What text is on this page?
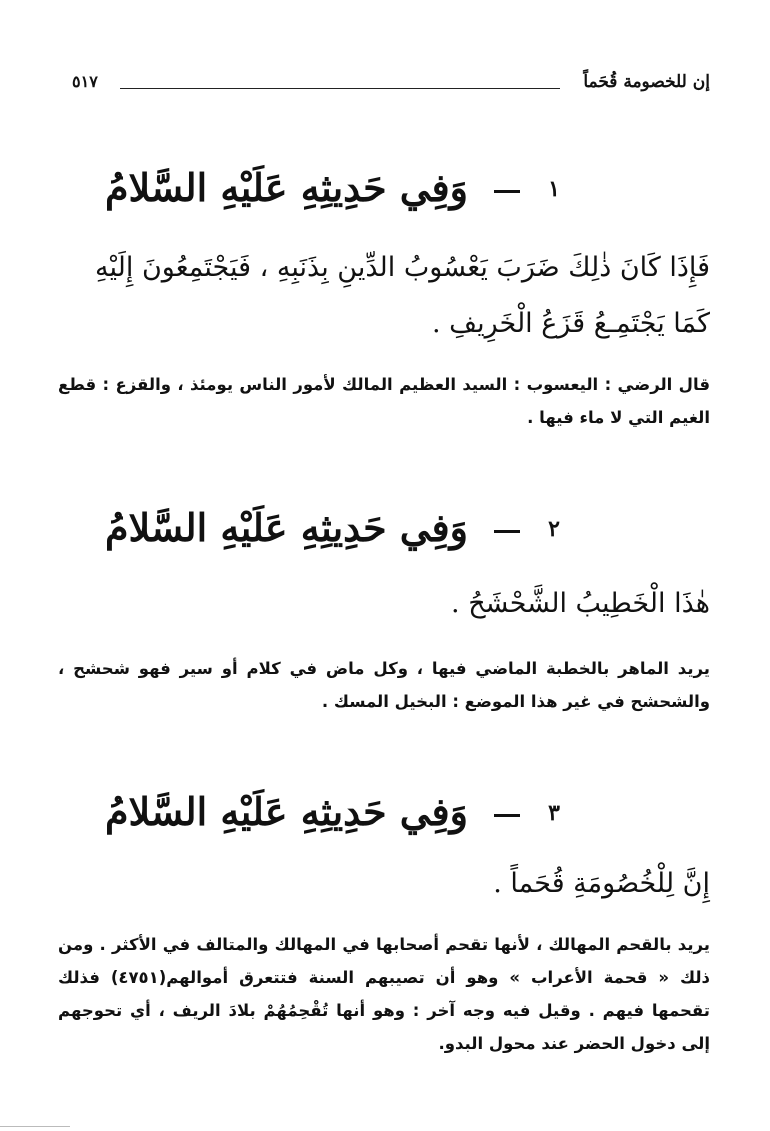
إن للخصومة قُحَماً
٥١٧
١
وَفِي حَدِيثِهِ عَلَيْهِ السَّلامُ
فَإِذَا كَانَ ذٰلِكَ ضَرَبَ يَعْسُوبُ الدِّينِ بِذَنَبِهِ ، فَيَجْتَمِعُونَ إِلَيْهِ كَمَا يَجْتَمِـعُ قَزَعُ الْخَرِيفِ .
قال الرضي : اليعسوب : السيد العظيم المالك لأمور الناس يومئذ ، والقزع : قطع الغيم التي لا ماء فيها .
٢
وَفِي حَدِيثِهِ عَلَيْهِ السَّلامُ
هٰذَا الْخَطِيبُ الشَّحْشَحُ .
يريد الماهر بالخطبة الماضي فيها ، وكل ماض في كلام أو سير فهو شحشح ، والشحشح في غير هذا الموضع : البخيل المسك .
٣
وَفِي حَدِيثِهِ عَلَيْهِ السَّلامُ
إِنَّ لِلْخُصُومَةِ قُحَماً .
يريد بالقحم المهالك ، لأنها تقحم أصحابها في المهالك والمتالف في الأكثر . ومن ذلك « قحمة الأعراب » وهو أن تصيبهم السنة فتتعرق أموالهم(٤٧٥١) فذلك تقحمها فيهم . وقيل فيه وجه آخر : وهو أنها تُقْحِمُهُمْ بلادَ الريف ، أي تحوجهم إلى دخول الحضر عند محول البدو.
